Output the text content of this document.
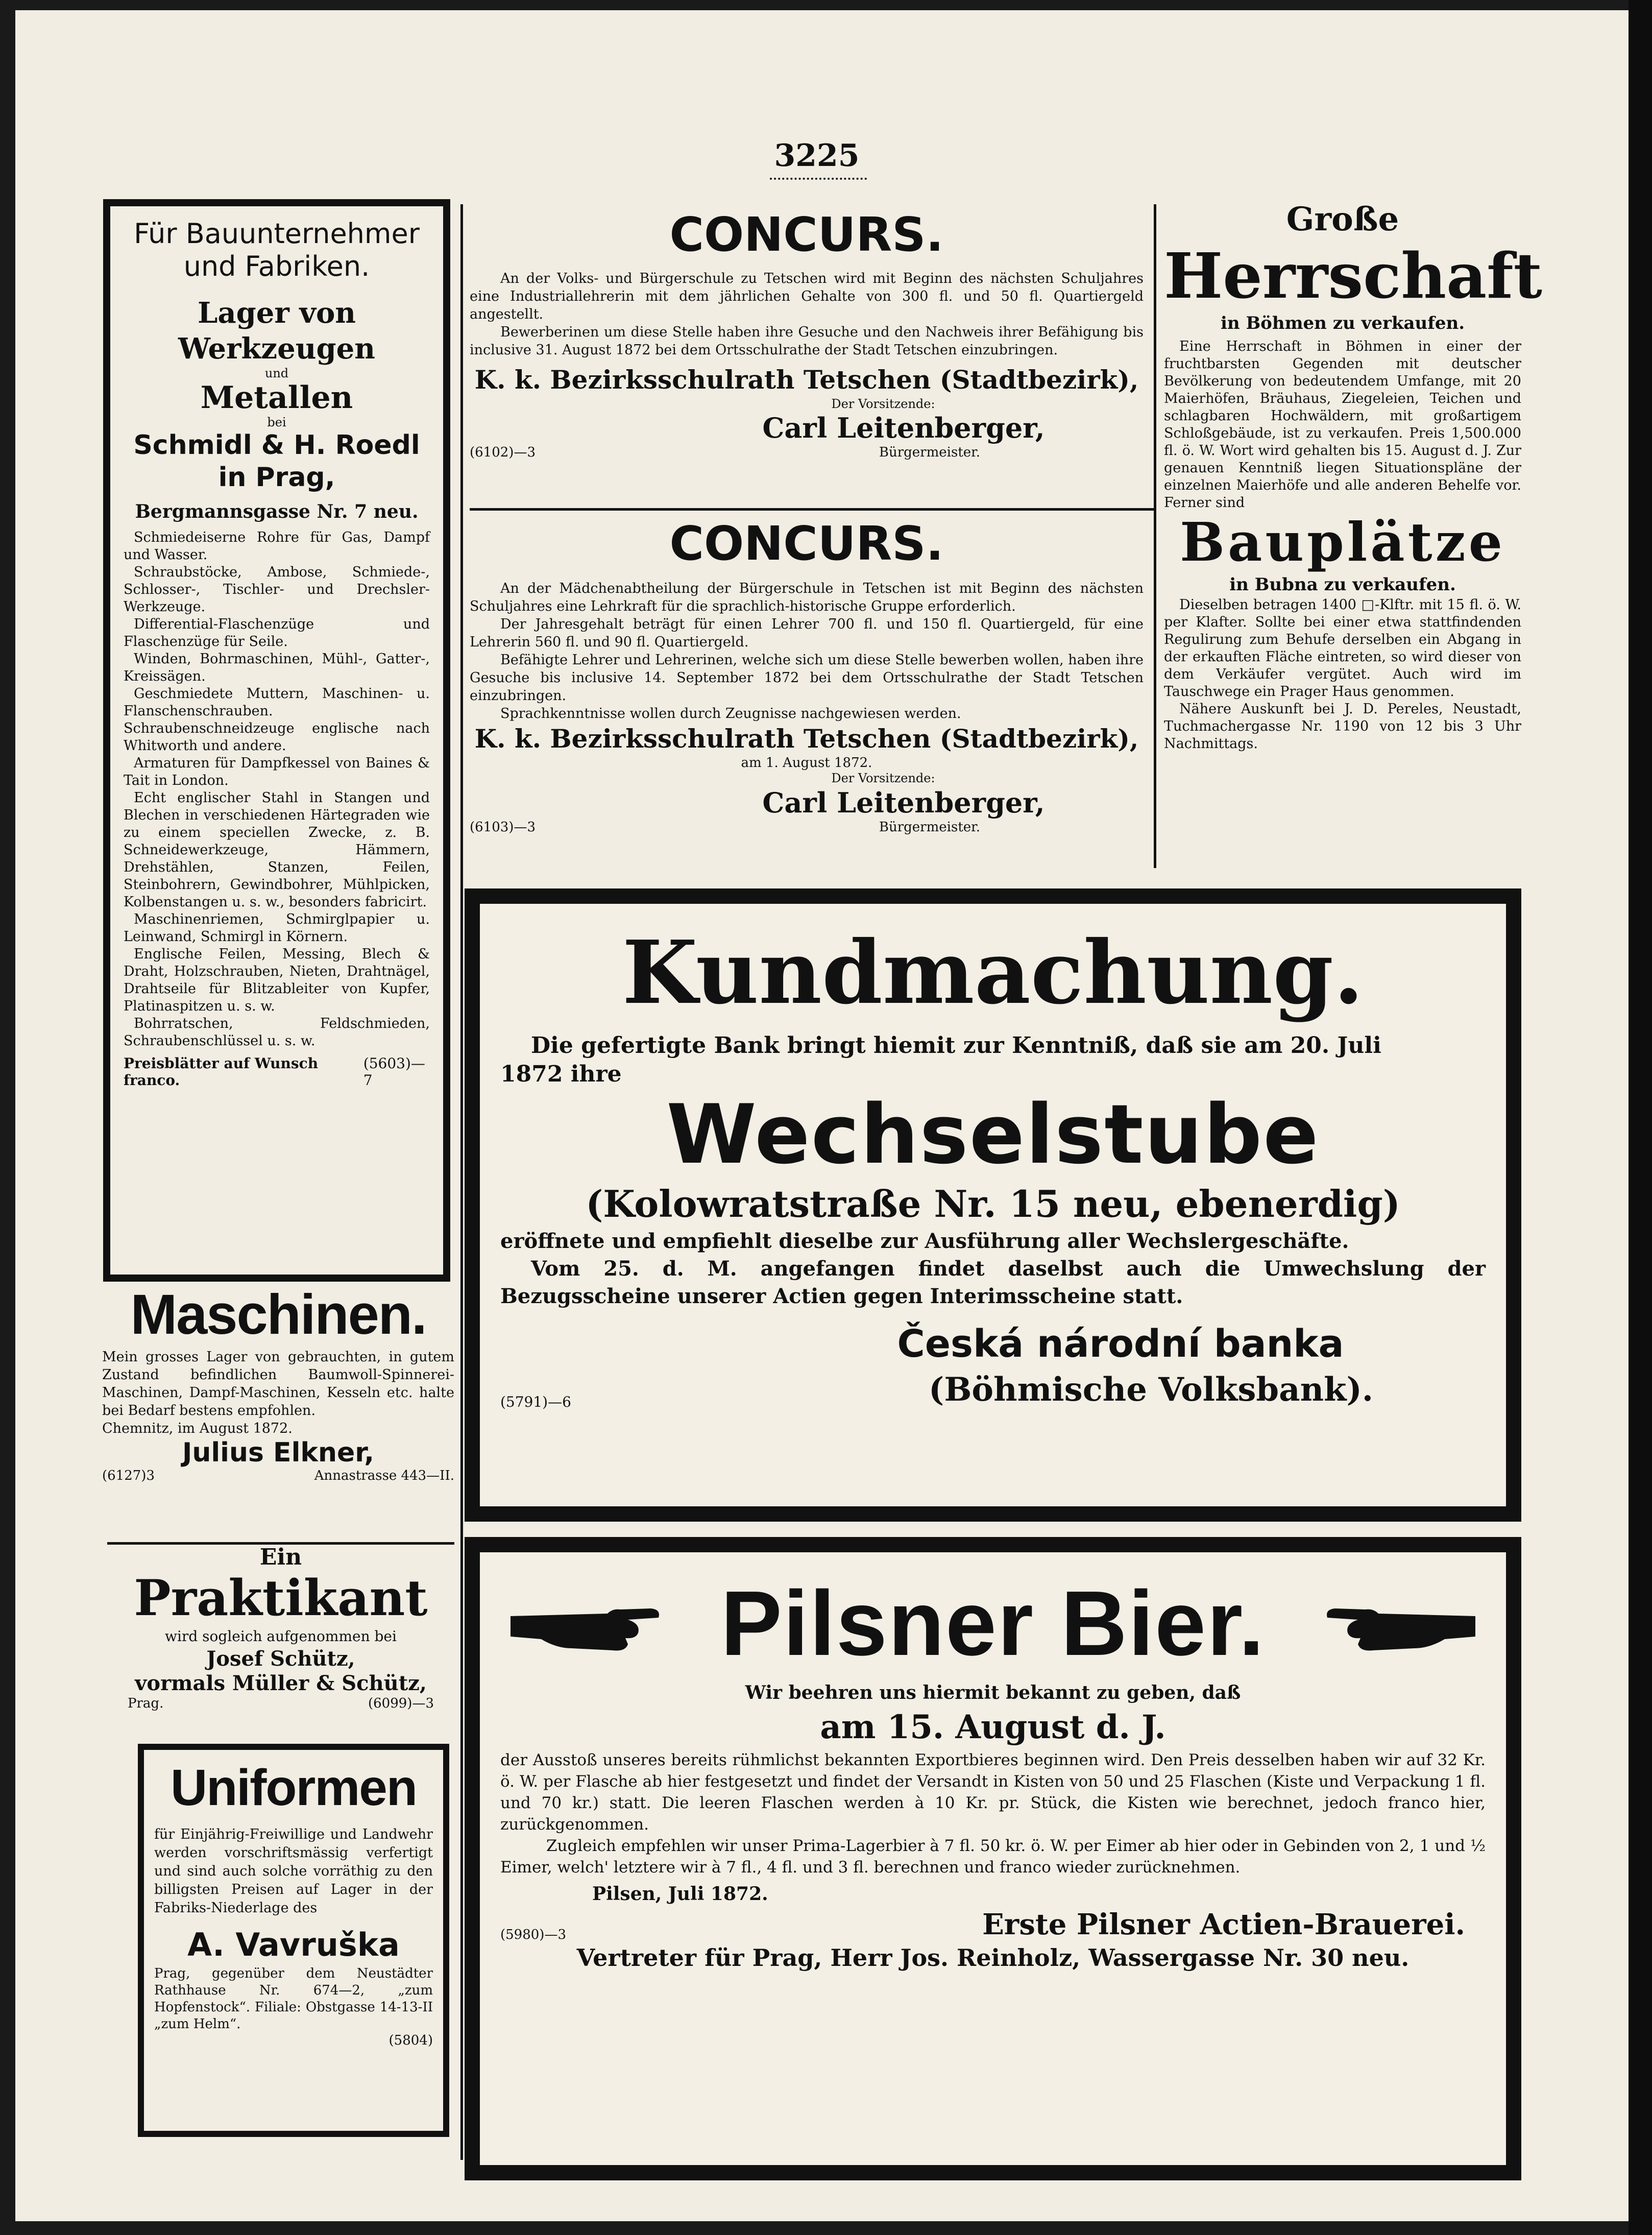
3225
Für Bauunternehmer und Fabriken.
Lager von Werkzeugen
und
Metallen
bei
Schmidl & H. Roedl
in Prag,
Bergmannsgasse Nr. 7 neu.

Schmiedeiserne Rohre für Gas, Dampf und Wasser.

Schraubstöcke, Ambose, Schmiede-, Schlosser-, Tischler- und Drechsler-Werkzeuge.

Differential-Flaschenzüge und Flaschenzüge für Seile.

Winden, Bohrmaschinen, Mühl-, Gatter-, Kreissägen.

Geschmiedete Muttern, Maschinen- u. Flanschenschrauben. Schraubenschneidzeuge englische nach Whitworth und andere.

Armaturen für Dampfkessel von Baines & Tait in London.

Echt englischer Stahl in Stangen und Blechen in verschiedenen Härtegraden wie zu einem speciellen Zwecke, z. B. Schneidewerkzeuge, Hämmern, Drehstählen, Stanzen, Feilen, Steinbohrern, Gewindbohrer, Mühlpicken, Kolbenstangen u. s. w., besonders fabricirt.

Maschinenriemen, Schmirglpapier u. Leinwand, Schmirgl in Körnern.

Englische Feilen, Messing, Blech & Draht, Holzschrauben, Nieten, Drahtnägel, Drahtseile für Blitzableiter von Kupfer, Platinaspitzen u. s. w.

Bohrratschen, Feldschmieden, Schraubenschlüssel u. s. w.

Preisblätter auf Wunsch franco.
(5603)—7
Maschinen.
Mein grosses Lager von gebrauchten, in gutem Zustand befindlichen Baumwoll-Spinnerei-Maschinen, Dampf-Maschinen, Kesseln etc. halte bei Bedarf bestens empfohlen.
Chemnitz, im August 1872.
Julius Elkner,
(6127)3	Annastrasse 443—II.
Ein
Praktikant
wird sogleich aufgenommen bei
Josef Schütz,
vormals Müller & Schütz,
Prag.	(6099)—3
Uniformen
für Einjährig-Freiwillige und Landwehr werden vorschriftsmässig verfertigt und sind auch solche vorräthig zu den billigsten Preisen auf Lager in der Fabriks-Niederlage des
A. Vavruška
Prag, gegenüber dem Neustädter Rathhause Nr. 674—2, „zum Hopfenstock“. Filiale: Obstgasse 14-13-II „zum Helm“.
(5804)
CONCURS.

An der Volks- und Bürgerschule zu Tetschen wird mit Beginn des nächsten Schuljahres eine Industriallehrerin mit dem jährlichen Gehalte von 300 fl. und 50 fl. Quartiergeld angestellt.

Bewerberinen um diese Stelle haben ihre Gesuche und den Nachweis ihrer Befähigung bis inclusive 31. August 1872 bei dem Ortsschulrathe der Stadt Tetschen einzubringen.

K. k. Bezirksschulrath Tetschen (Stadtbezirk),
Der Vorsitzende:
Carl Leitenberger,
(6102)—3	Bürgermeister.
CONCURS.

An der Mädchenabtheilung der Bürgerschule in Tetschen ist mit Beginn des nächsten Schuljahres eine Lehrkraft für die sprachlich-historische Gruppe erforderlich.

Der Jahresgehalt beträgt für einen Lehrer 700 fl. und 150 fl. Quartiergeld, für eine Lehrerin 560 fl. und 90 fl. Quartiergeld.

Befähigte Lehrer und Lehrerinen, welche sich um diese Stelle bewerben wollen, haben ihre Gesuche bis inclusive 14. September 1872 bei dem Ortsschulrathe der Stadt Tetschen einzubringen.

Sprachkenntnisse wollen durch Zeugnisse nachgewiesen werden.

K. k. Bezirksschulrath Tetschen (Stadtbezirk),
am 1. August 1872.
Der Vorsitzende:
Carl Leitenberger,
(6103)—3	Bürgermeister.
Große
Herrschaft
in Böhmen zu verkaufen.

Eine Herrschaft in Böhmen in einer der fruchtbarsten Gegenden mit deutscher Bevölkerung von bedeutendem Umfange, mit 20 Maierhöfen, Bräuhaus, Ziegeleien, Teichen und schlagbaren Hochwäldern, mit großartigem Schloßgebäude, ist zu verkaufen. Preis 1,500.000 fl. ö. W. Wort wird gehalten bis 15. August d. J. Zur genauen Kenntniß liegen Situationspläne der einzelnen Maierhöfe und alle anderen Behelfe vor. Ferner sind

Bauplätze
in Bubna zu verkaufen.

Dieselben betragen 1400 □-Klftr. mit 15 fl. ö. W. per Klafter. Sollte bei einer etwa stattfindenden Regulirung zum Behufe derselben ein Abgang in der erkauften Fläche eintreten, so wird dieser von dem Verkäufer vergütet. Auch wird im Tauschwege ein Prager Haus genommen.

Nähere Auskunft bei J. D. Pereles, Neustadt, Tuchmachergasse Nr. 1190 von 12 bis 3 Uhr Nachmittags.

Kundmachung.
Die gefertigte Bank bringt hiemit zur Kenntniß, daß sie am 20. Juli
1872 ihre
Wechselstube
(Kolowratstraße Nr. 15 neu, ebenerdig)
eröffnete und empfiehlt dieselbe zur Ausführung aller Wechslergeschäfte.
Vom 25. d. M. angefangen findet daselbst auch die Umwechslung der Bezugsscheine unserer Actien gegen Interimsscheine statt.
Česká národní banka
(5791)—6	(Böhmische Volksbank).
Pilsner Bier.
Wir beehren uns hiermit bekannt zu geben, daß
am 15. August d. J.

der Ausstoß unseres bereits rühmlichst bekannten Exportbieres beginnen wird. Den Preis desselben haben wir auf 32 Kr. ö. W. per Flasche ab hier festgesetzt und findet der Versandt in Kisten von 50 und 25 Flaschen (Kiste und Verpackung 1 fl. und 70 kr.) statt. Die leeren Flaschen werden à 10 Kr. pr. Stück, die Kisten wie berechnet, jedoch franco hier, zurückgenommen.

Zugleich empfehlen wir unser Prima-Lagerbier à 7 fl. 50 kr. ö. W. per Eimer ab hier oder in Gebinden von 2, 1 und ½ Eimer, welch' letztere wir à 7 fl., 4 fl. und 3 fl. berechnen und franco wieder zurücknehmen.

Pilsen, Juli 1872.
(5980)—3	Erste Pilsner Actien-Brauerei.
Vertreter für Prag, Herr Jos. Reinholz, Wassergasse Nr. 30 neu.
